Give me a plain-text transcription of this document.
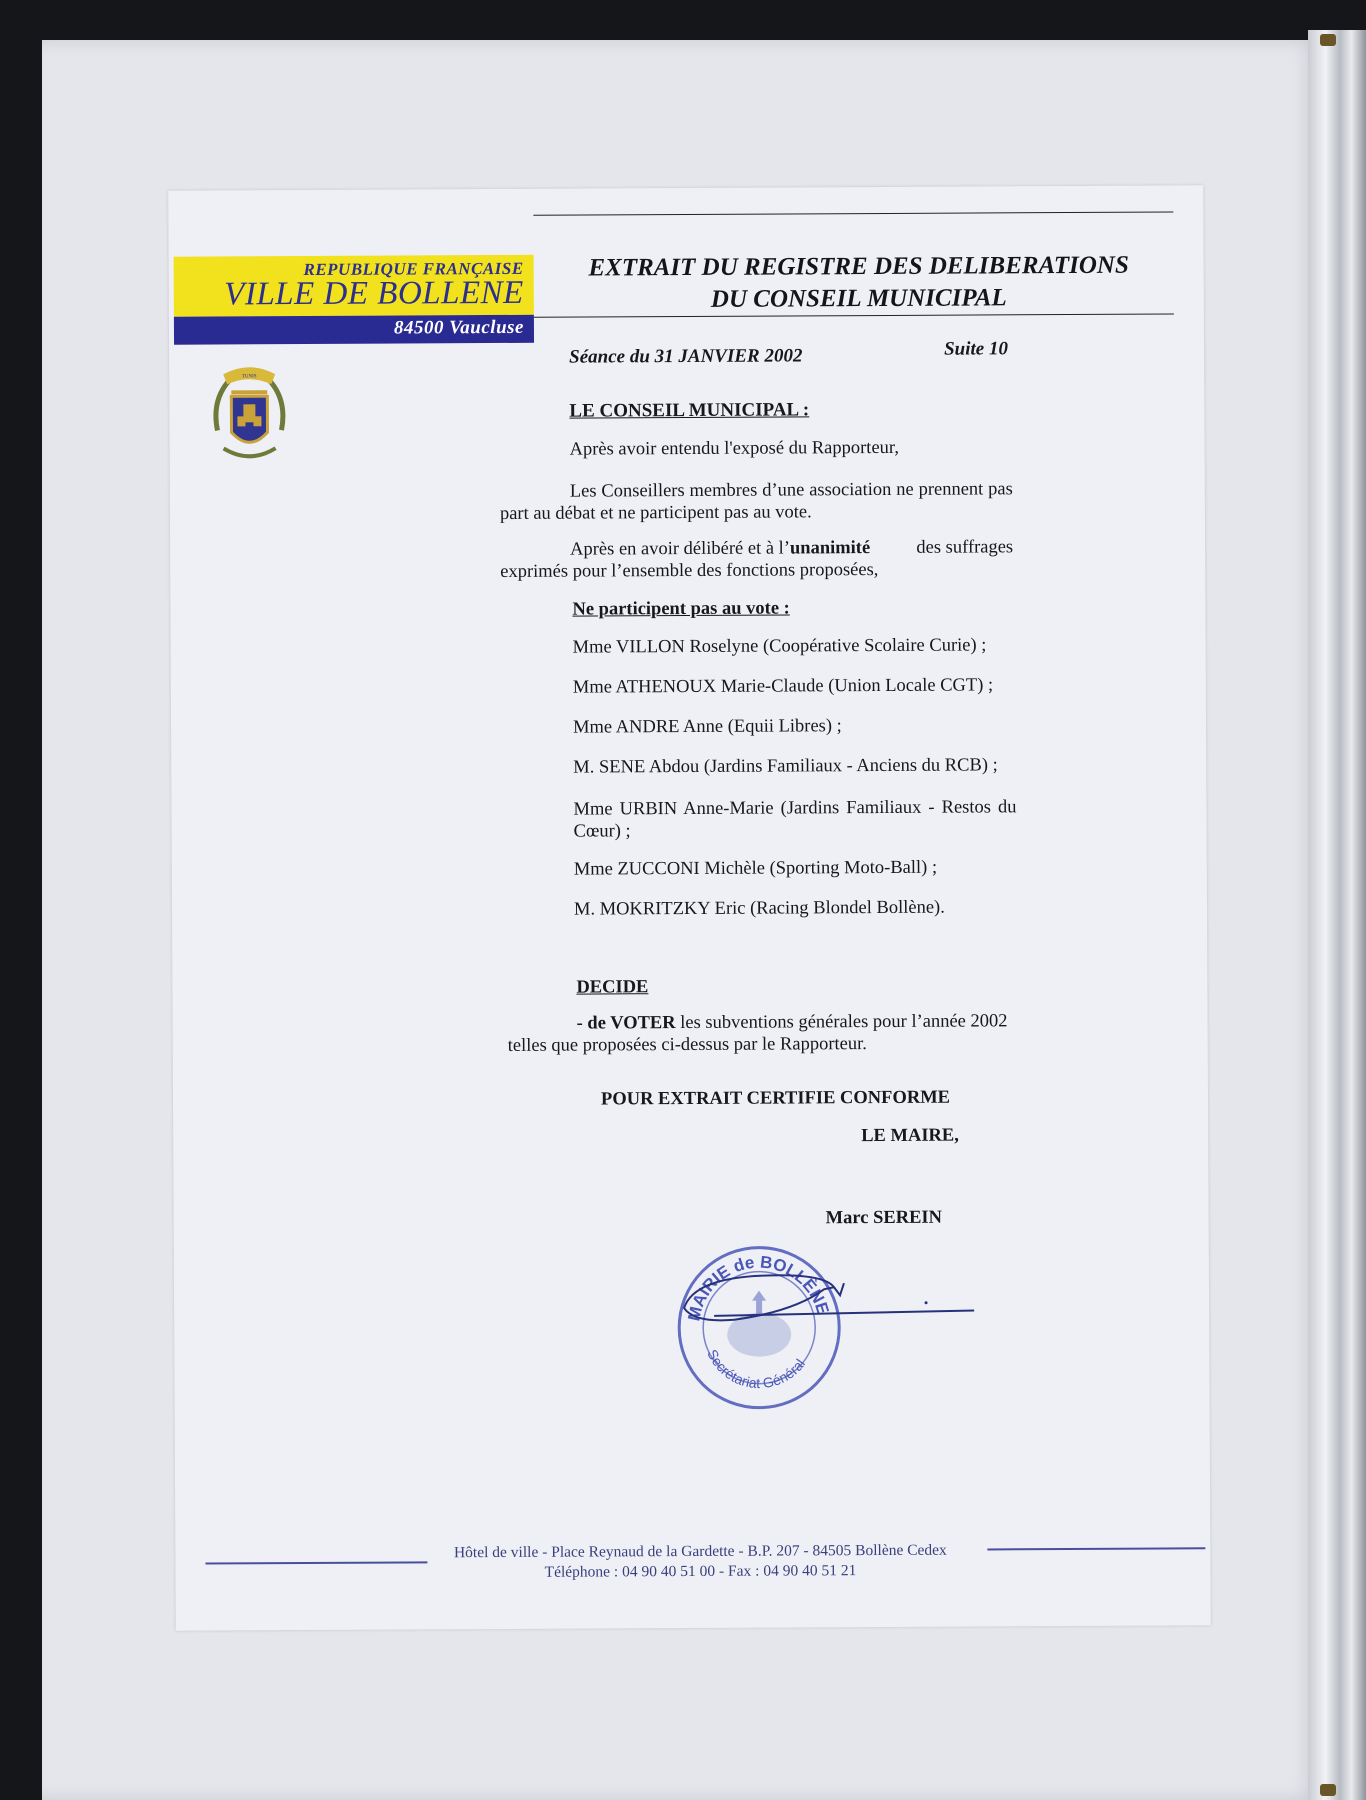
REPUBLIQUE FRANÇAISE
VILLE DE BOLLENE
84500 Vaucluse
TUNIS
EXTRAIT DU REGISTRE DES DELIBERATIONS
DU CONSEIL MUNICIPAL
Séance du 31 JANVIER 2002	Suite 10
LE CONSEIL MUNICIPAL :
Après avoir entendu l'exposé du Rapporteur,
Les Conseillers membres d’une association ne prennent pas
part au débat et ne participent pas au vote.
Après en avoir délibéré et à l’unanimité des suffrages
exprimés pour l’ensemble des fonctions proposées,
Ne participent pas au vote :
Mme VILLON Roselyne (Coopérative Scolaire Curie) ;
Mme ATHENOUX Marie-Claude (Union Locale CGT) ;
Mme ANDRE Anne (Equii Libres) ;
M. SENE Abdou (Jardins Familiaux - Anciens du RCB) ;
Mme URBIN Anne-Marie (Jardins Familiaux - Restos du
Cœur) ;
Mme ZUCCONI Michèle (Sporting Moto-Ball) ;
M. MOKRITZKY Eric (Racing Blondel Bollène).
DECIDE
- de VOTER les subventions générales pour l’année 2002
telles que proposées ci-dessus par le Rapporteur.
POUR EXTRAIT CERTIFIE CONFORME
LE MAIRE,
MAIRIE de BOLLÈNE
Secrétariat Général
Marc SEREIN
Hôtel de ville - Place Reynaud de la Gardette - B.P. 207 - 84505 Bollène Cedex
Téléphone : 04 90 40 51 00 - Fax : 04 90 40 51 21
